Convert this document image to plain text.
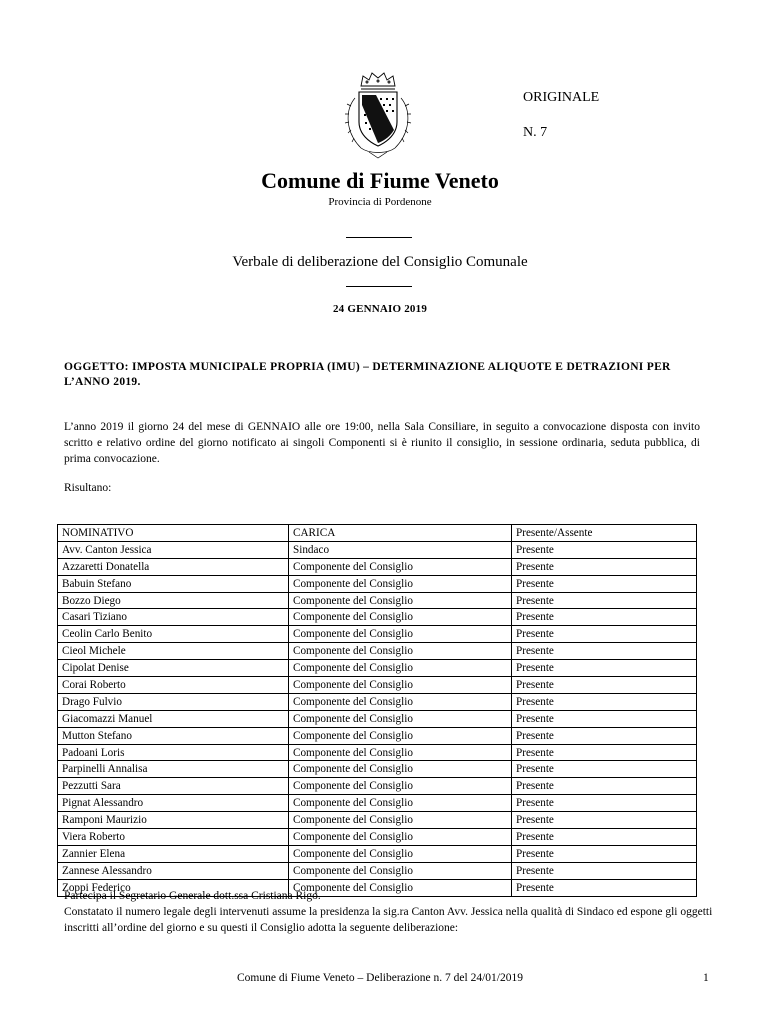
ORIGINALE
N. 7
Comune di Fiume Veneto
Provincia di Pordenone
Verbale di deliberazione del Consiglio Comunale
24 GENNAIO 2019
OGGETTO: IMPOSTA MUNICIPALE PROPRIA (IMU) – DETERMINAZIONE ALIQUOTE E DETRAZIONI PER L’ANNO 2019.
L’anno 2019 il giorno 24 del mese di GENNAIO alle ore 19:00, nella Sala Consiliare, in seguito a convocazione disposta con invito scritto e relativo ordine del giorno notificato ai singoli Componenti si è riunito il consiglio, in sessione ordinaria, seduta pubblica, di prima convocazione.
Risultano:
NOMINATIVO	CARICA	Presente/Assente
Avv. Canton Jessica	Sindaco	Presente
Azzaretti Donatella	Componente del Consiglio	Presente
Babuin Stefano	Componente del Consiglio	Presente
Bozzo Diego	Componente del Consiglio	Presente
Casari Tiziano	Componente del Consiglio	Presente
Ceolin Carlo Benito	Componente del Consiglio	Presente
Cieol Michele	Componente del Consiglio	Presente
Cipolat Denise	Componente del Consiglio	Presente
Corai Roberto	Componente del Consiglio	Presente
Drago Fulvio	Componente del Consiglio	Presente
Giacomazzi Manuel	Componente del Consiglio	Presente
Mutton Stefano	Componente del Consiglio	Presente
Padoani Loris	Componente del Consiglio	Presente
Parpinelli Annalisa	Componente del Consiglio	Presente
Pezzutti Sara	Componente del Consiglio	Presente
Pignat Alessandro	Componente del Consiglio	Presente
Ramponi Maurizio	Componente del Consiglio	Presente
Viera Roberto	Componente del Consiglio	Presente
Zannier Elena	Componente del Consiglio	Presente
Zannese Alessandro	Componente del Consiglio	Presente
Zoppi Federico	Componente del Consiglio	Presente

Partecipa il Segretario Generale dott.ssa Cristiana Rigo.

Constatato il numero legale degli intervenuti assume la presidenza la sig.ra Canton Avv. Jessica nella qualità di Sindaco ed espone gli oggetti inscritti all’ordine del giorno e su questi il Consiglio adotta la seguente deliberazione:

Comune di Fiume Veneto – Deliberazione n. 7 del 24/01/2019	1
